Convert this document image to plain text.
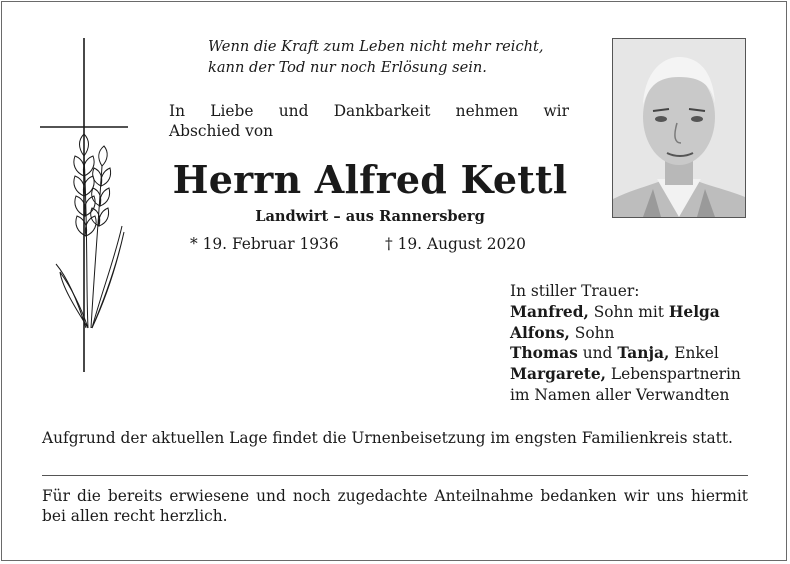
Wenn die Kraft zum Leben nicht mehr reicht,
kann der Tod nur noch Erlösung sein.
In Liebe und Dankbarkeit nehmen wir
Abschied von
Herrn Alfred Kettl
Landwirt – aus Rannersberg
* 19. Februar 1936	† 19. August 2020
In stiller Trauer:
Manfred, Sohn mit Helga
Alfons, Sohn
Thomas und Tanja, Enkel
Margarete, Lebenspartnerin
im Namen aller Verwandten
Aufgrund der aktuellen Lage findet die Urnenbeisetzung im engsten Familienkreis statt.
Für die bereits erwiesene und noch zugedachte Anteilnahme bedanken wir uns hiermit bei allen recht herzlich.
